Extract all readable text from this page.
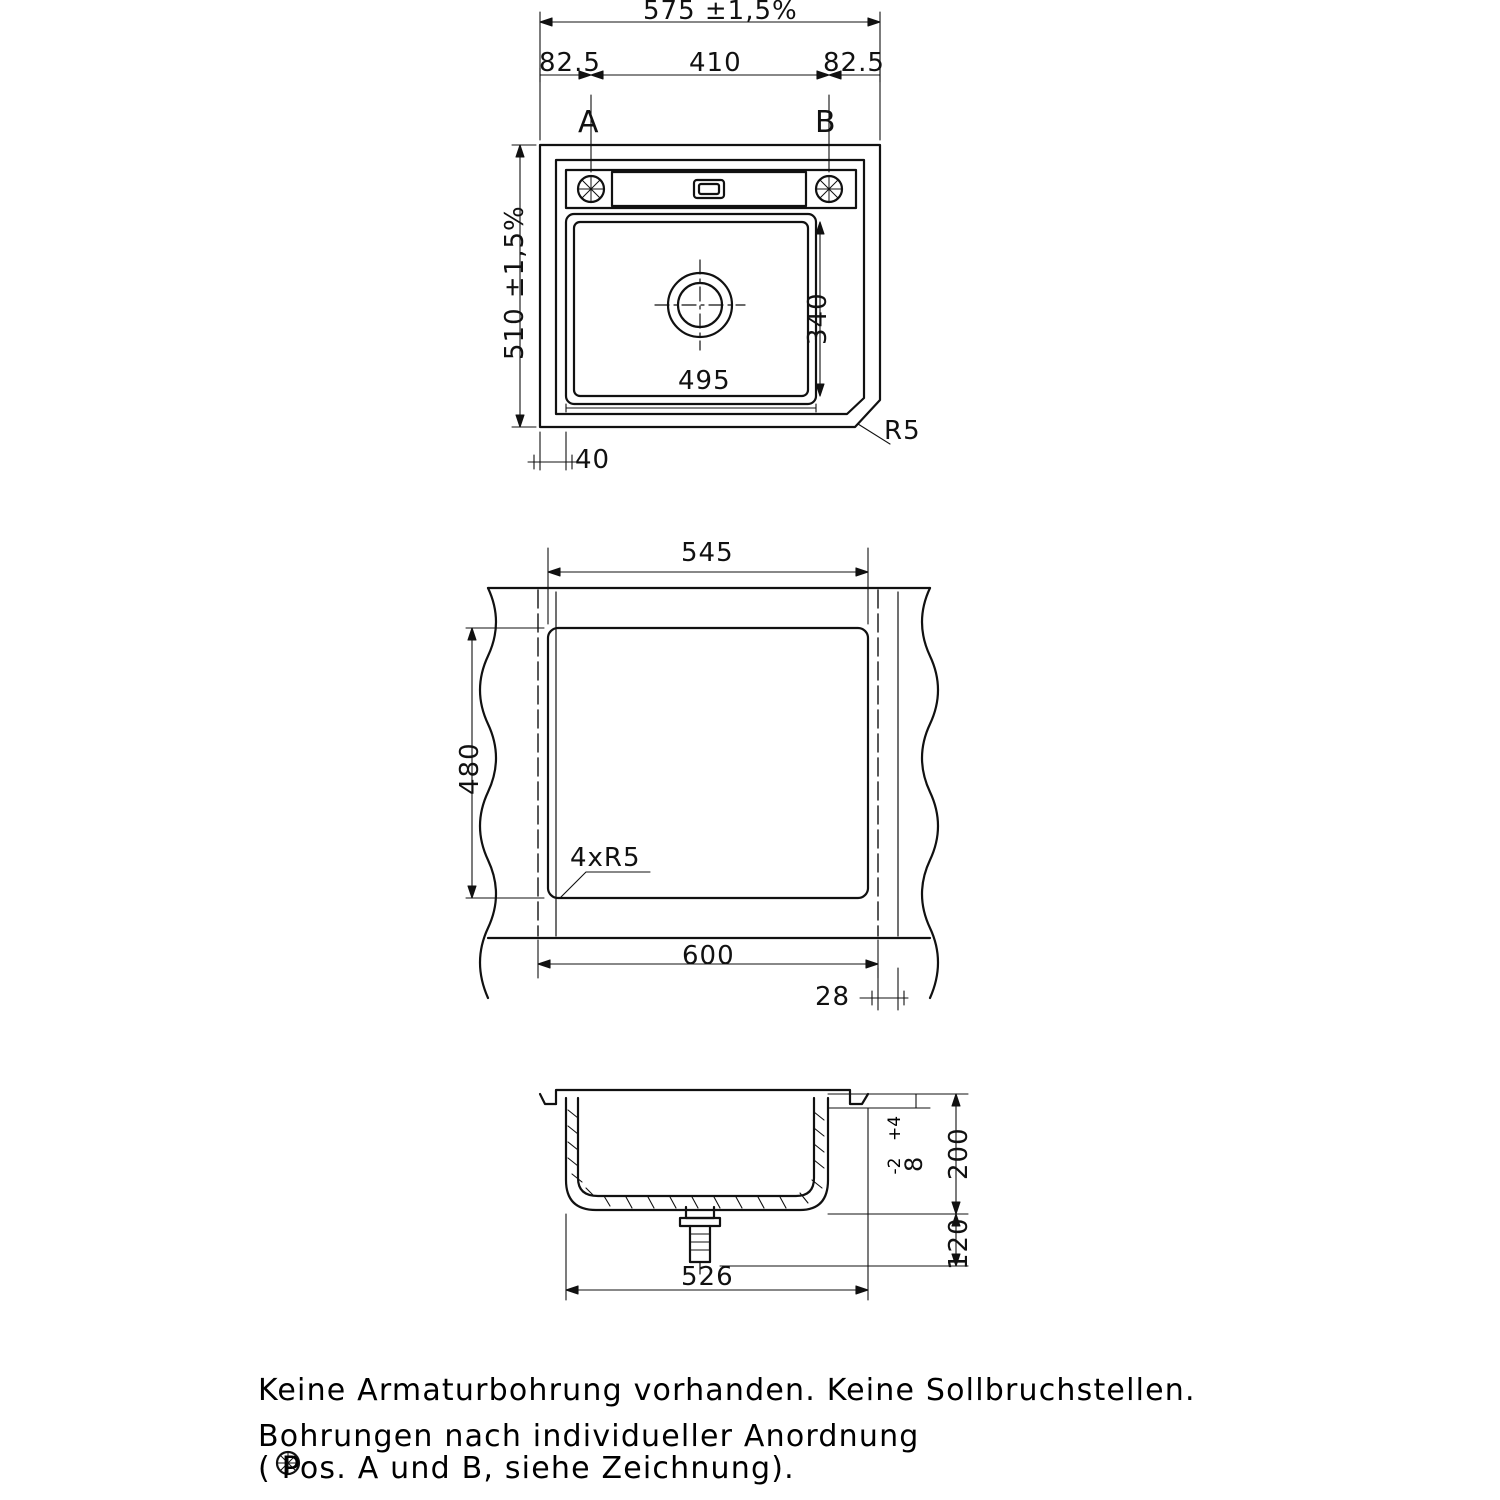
575 ±1,5%
82.5	410	82.5
A	B
510 ±1,5%	340
495
40
R5
545
480
600
28
4xR5
8
+4
-2 200
120
526
Keine Armaturbohrung vorhanden. Keine Sollbruchstellen.
Bohrungen nach individueller Anordnung
( Pos. A und B, siehe Zeichnung).
